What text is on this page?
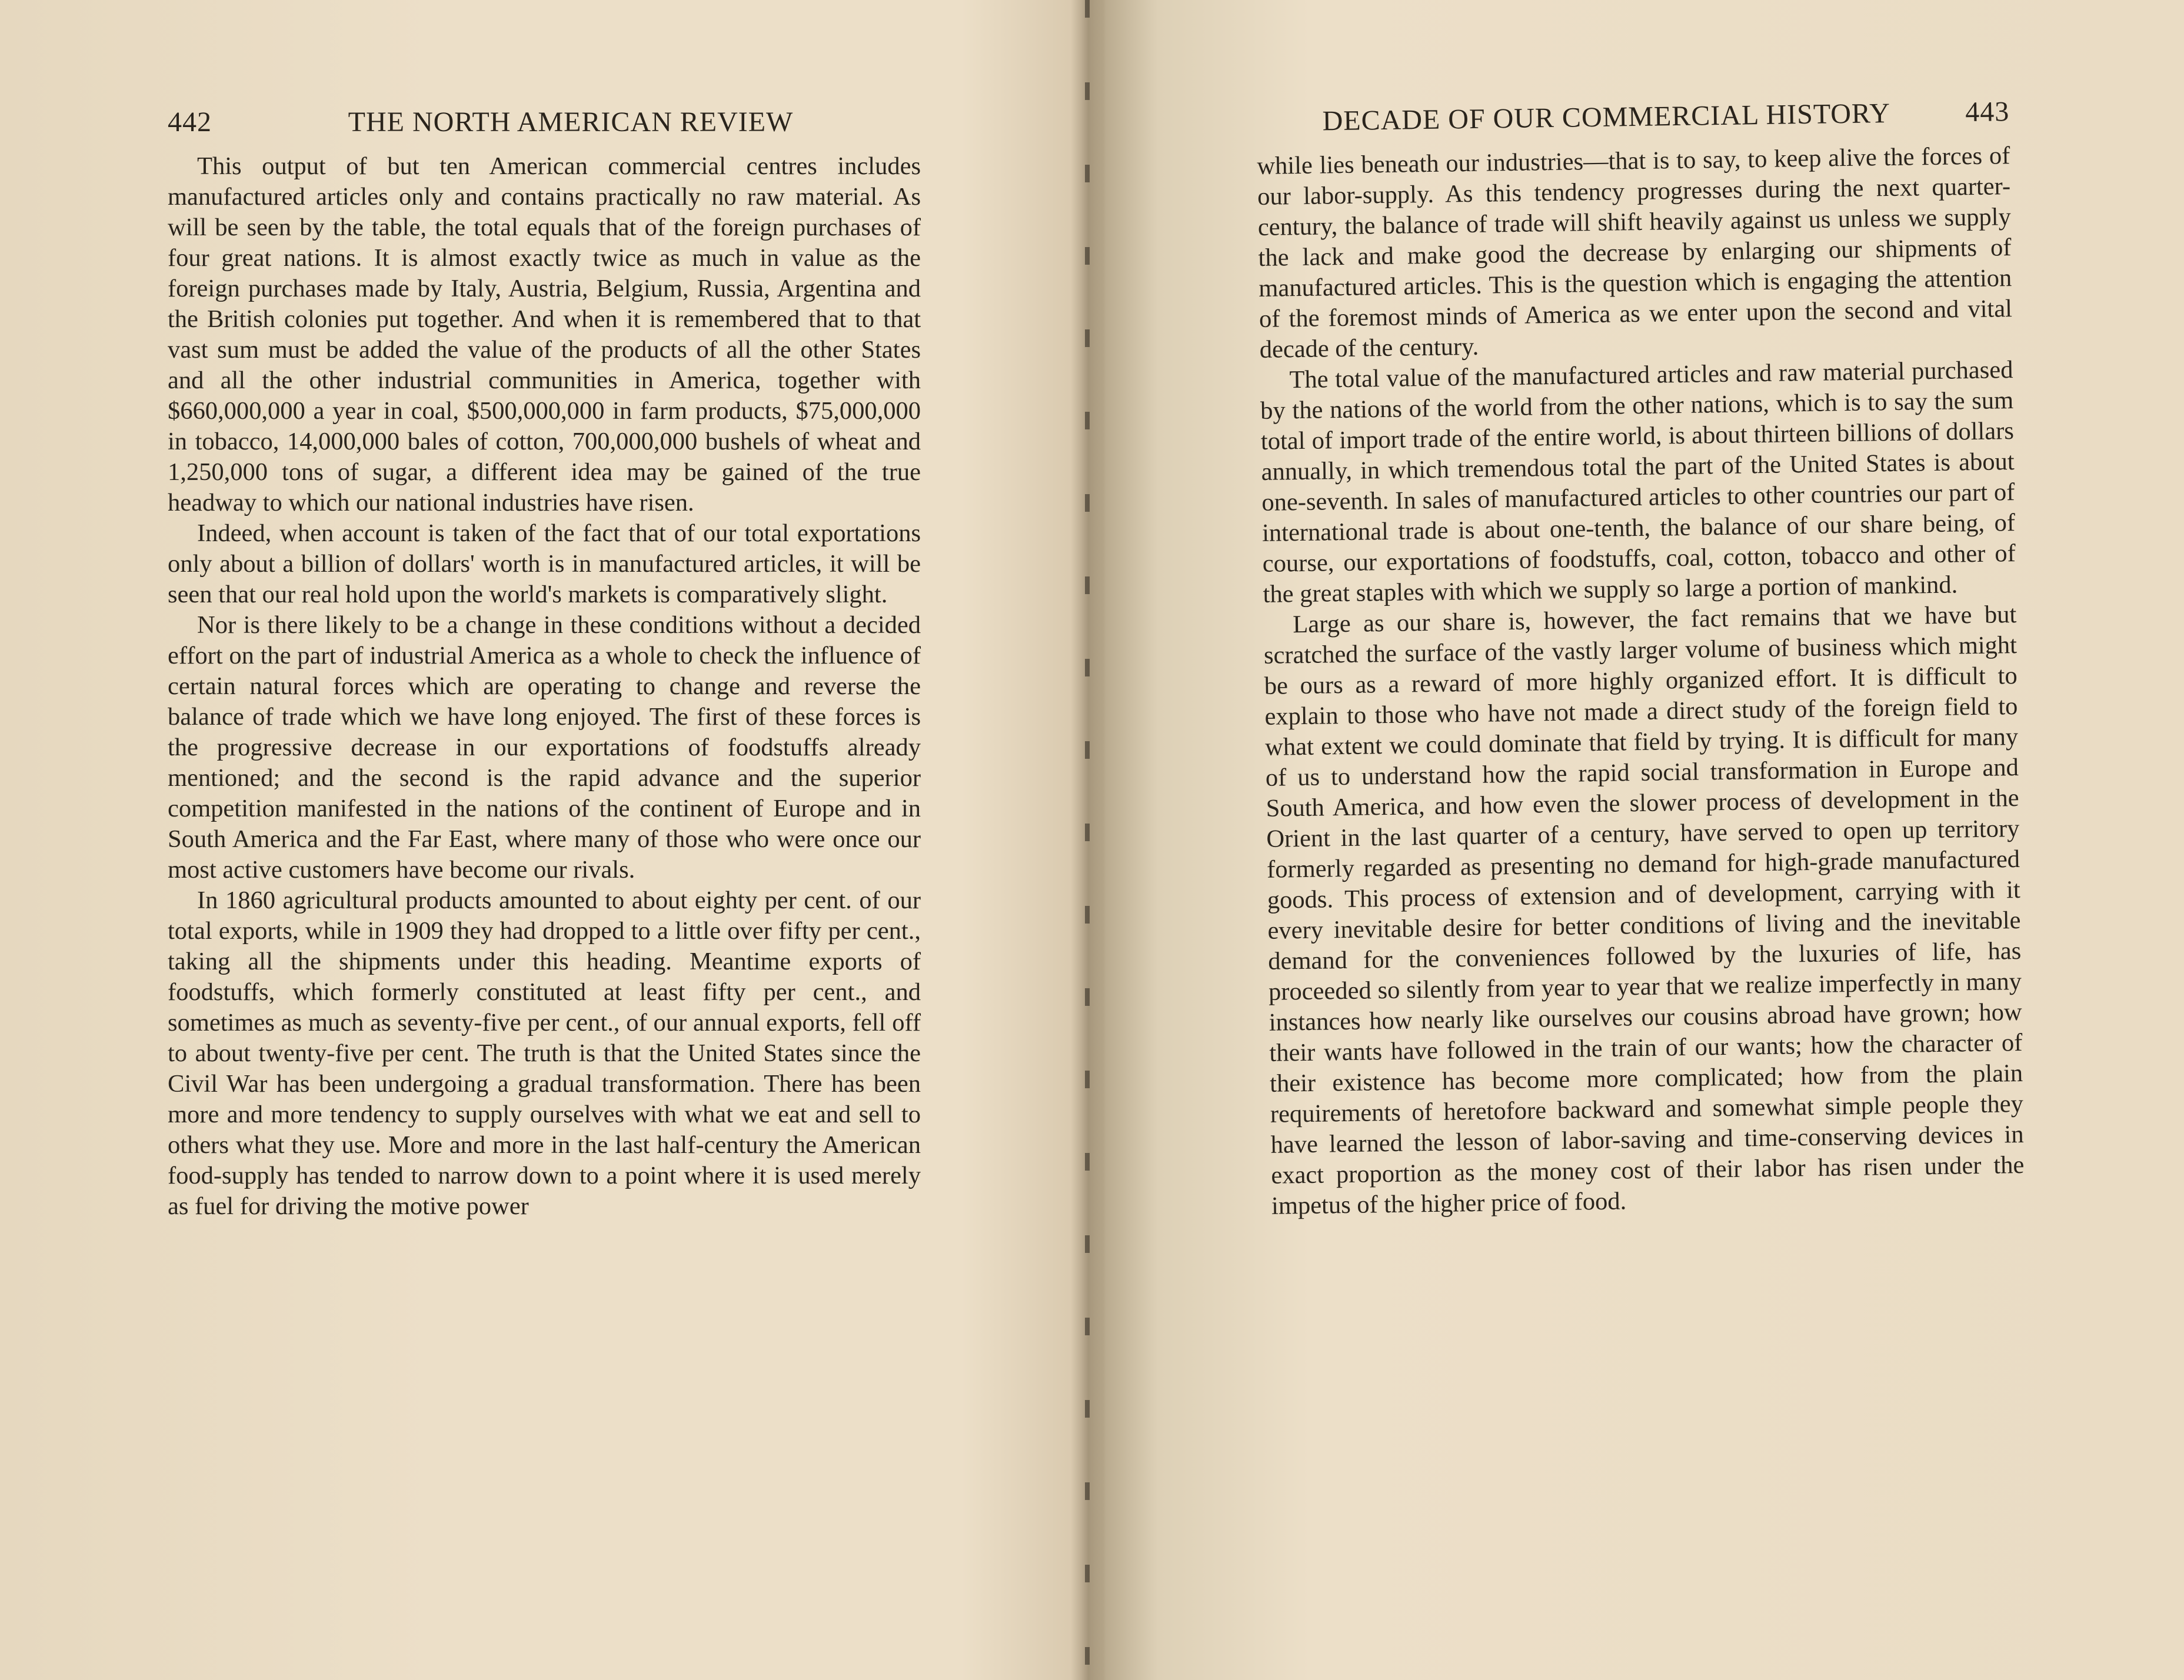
442	THE NORTH AMERICAN REVIEW

This output of but ten American commercial centres includes manufactured articles only and contains practically no raw material. As will be seen by the table, the total equals that of the foreign purchases of four great nations. It is almost exactly twice as much in value as the foreign purchases made by Italy, Austria, Belgium, Russia, Argentina and the British colonies put together. And when it is remembered that to that vast sum must be added the value of the products of all the other States and all the other industrial communities in America, together with $660,000,000 a year in coal, $500,000,000 in farm products, $75,000,000 in tobacco, 14,000,000 bales of cotton, 700,000,000 bushels of wheat and 1,250,000 tons of sugar, a different idea may be gained of the true headway to which our national industries have risen.

Indeed, when account is taken of the fact that of our total exportations only about a billion of dollars' worth is in manufactured articles, it will be seen that our real hold upon the world's markets is comparatively slight.

Nor is there likely to be a change in these conditions without a decided effort on the part of industrial America as a whole to check the influence of certain natural forces which are operating to change and reverse the balance of trade which we have long enjoyed. The first of these forces is the progressive decrease in our exportations of foodstuffs already mentioned; and the second is the rapid advance and the superior competition manifested in the nations of the continent of Europe and in South America and the Far East, where many of those who were once our most active customers have become our rivals.

In 1860 agricultural products amounted to about eighty per cent. of our total exports, while in 1909 they had dropped to a little over fifty per cent., taking all the shipments under this heading. Meantime exports of foodstuffs, which formerly constituted at least fifty per cent., and sometimes as much as seventy-five per cent., of our annual exports, fell off to about twenty-five per cent. The truth is that the United States since the Civil War has been undergoing a gradual transformation. There has been more and more tendency to supply ourselves with what we eat and sell to others what they use. More and more in the last half-century the American food-supply has tended to narrow down to a point where it is used merely as fuel for driving the motive power

DECADE OF OUR COMMERCIAL HISTORY	443

while lies beneath our industries—that is to say, to keep alive the forces of our labor-supply. As this tendency progresses during the next quarter-century, the balance of trade will shift heavily against us unless we supply the lack and make good the decrease by enlarging our shipments of manufactured articles. This is the question which is engaging the attention of the foremost minds of America as we enter upon the second and vital decade of the century.

The total value of the manufactured articles and raw material purchased by the nations of the world from the other nations, which is to say the sum total of import trade of the entire world, is about thirteen billions of dollars annually, in which tremendous total the part of the United States is about one-seventh. In sales of manufactured articles to other countries our part of international trade is about one-tenth, the balance of our share being, of course, our exportations of foodstuffs, coal, cotton, tobacco and other of the great staples with which we supply so large a portion of mankind.

Large as our share is, however, the fact remains that we have but scratched the surface of the vastly larger volume of business which might be ours as a reward of more highly organized effort. It is difficult to explain to those who have not made a direct study of the foreign field to what extent we could dominate that field by trying. It is difficult for many of us to understand how the rapid social transformation in Europe and South America, and how even the slower process of development in the Orient in the last quarter of a century, have served to open up territory formerly regarded as presenting no demand for high-grade manufactured goods. This process of extension and of development, carrying with it every inevitable desire for better conditions of living and the inevitable demand for the conveniences followed by the luxuries of life, has proceeded so silently from year to year that we realize imperfectly in many instances how nearly like ourselves our cousins abroad have grown; how their wants have followed in the train of our wants; how the character of their existence has become more complicated; how from the plain requirements of heretofore backward and somewhat simple people they have learned the lesson of labor-saving and time-conserving devices in exact proportion as the money cost of their labor has risen under the impetus of the higher price of food.
